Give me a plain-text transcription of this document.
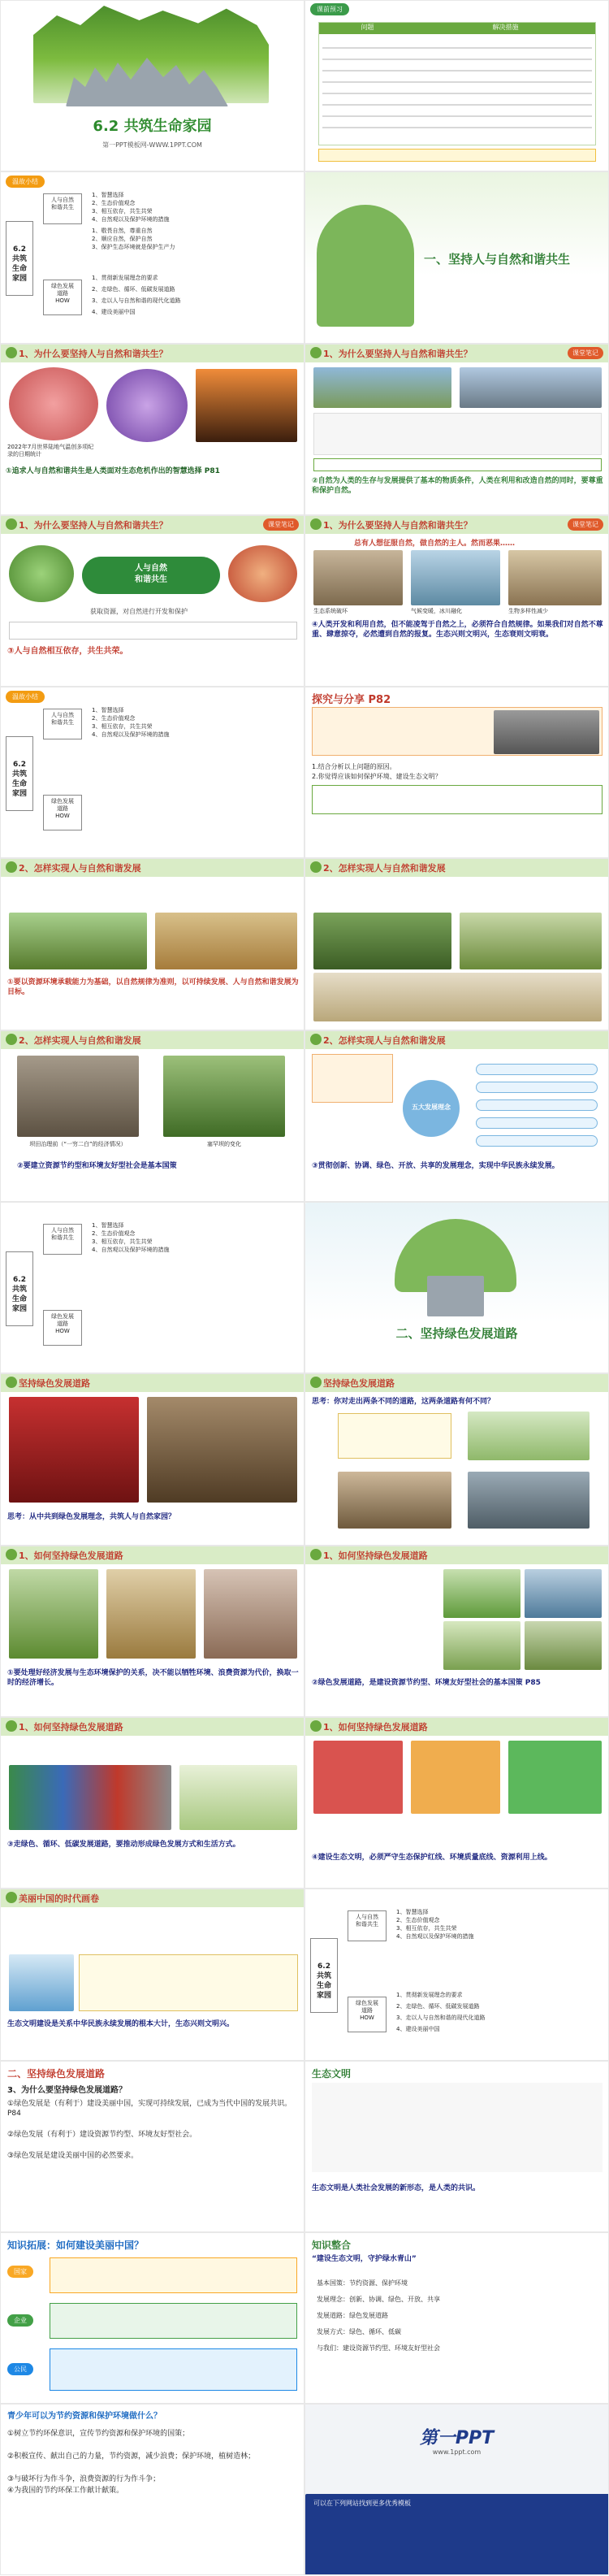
6.2 共筑生命家园
第一PPT模板网-WWW.1PPT.COM
课前预习
问题	解决措施
温故小结
6.2
共筑
生命
家园
人与自然
和谐共生
1、智慧选择
2、生态价值观念
3、相互依存，共生共荣
4、自然观以及保护环境的措施
1、敬畏自然，尊重自然
2、顺应自然，保护自然
3、保护生态环境就是保护生产力
绿色发展
道路
HOW
1、贯彻新发展理念的要求
2、走绿色、循环、低碳发展道路
3、走以人与自然和谐的现代化道路
4、建设美丽中国
一、坚持人与自然和谐共生
1、为什么要坚持人与自然和谐共生？
2022年7月世界陆地气温创多项纪录的日期统计
①追求人与自然和谐共生是人类面对生态危机作出的智慧选择 P81
1、为什么要坚持人与自然和谐共生？	课堂笔记
②自然为人类的生存与发展提供了基本的物质条件，人类在利用和改造自然的同时，要尊重和保护自然。
1、为什么要坚持人与自然和谐共生？	课堂笔记
人与自然
和谐共生
获取资源，对自然进行开发和保护
③人与自然相互依存，共生共荣。
1、为什么要坚持人与自然和谐共生？	课堂笔记
总有人想征服自然，做自然的主人。然而恶果……
生态系统破坏	气候变暖，冰川融化	生物多样性减少
④人类开发和利用自然，但不能凌驾于自然之上，必须符合自然规律。如果我们对自然不尊重、肆意掠夺，必然遭到自然的报复。生态兴则文明兴，生态衰则文明衰。
温故小结
6.2
共筑
生命
家园
人与自然
和谐共生
1、智慧选择
2、生态价值观念
3、相互依存，共生共荣
4、自然观以及保护环境的措施
绿色发展
道路
HOW
探究与分享 P82
1.结合分析以上问题的原因。
2.你觉得应该如何保护环境、建设生态文明？
2、怎样实现人与自然和谐发展
①要以资源环境承载能力为基础，以自然规律为准则，以可持续发展、人与自然和谐发展为目标。
2、怎样实现人与自然和谐发展
2、怎样实现人与自然和谐发展
坝田治理前（“一穷二白”的经济情况）	塞罕坝的变化
②要建立资源节约型和环境友好型社会是基本国策
2、怎样实现人与自然和谐发展
五大发展理念
③贯彻创新、协调、绿色、开放、共享的发展理念，实现中华民族永续发展。
6.2
共筑
生命
家园
人与自然
和谐共生
1、智慧选择
2、生态价值观念
3、相互依存，共生共荣
4、自然观以及保护环境的措施
绿色发展
道路
HOW	二、坚持绿色发展道路
坚持绿色发展道路
思考：从中共到绿色发展理念，共筑人与自然家园？
坚持绿色发展道路
思考：你对走出两条不同的道路，这两条道路有何不同？
1、如何坚持绿色发展道路
①要处理好经济发展与生态环境保护的关系，决不能以牺牲环境、浪费资源为代价，换取一时的经济增长。
1、如何坚持绿色发展道路
②绿色发展道路，是建设资源节约型、环境友好型社会的基本国策 P85
1、如何坚持绿色发展道路
③走绿色、循环、低碳发展道路，要推动形成绿色发展方式和生活方式。
1、如何坚持绿色发展道路
④建设生态文明，必须严守生态保护红线、环境质量底线、资源利用上线。
美丽中国的时代画卷
生态文明建设是关系中华民族永续发展的根本大计，生态兴则文明兴。
6.2
共筑
生命
家园
人与自然
和谐共生
1、智慧选择
2、生态价值观念
3、相互依存，共生共荣
4、自然观以及保护环境的措施
绿色发展
道路
HOW
1、贯彻新发展理念的要求
2、走绿色、循环、低碳发展道路
3、走以人与自然和谐的现代化道路
4、建设美丽中国
二、坚持绿色发展道路
3、为什么要坚持绿色发展道路？
①绿色发展是（有利于）建设美丽中国，实现可持续发展，已成为当代中国的发展共识。P84
②绿色发展（有利于）建设资源节约型、环境友好型社会。
③绿色发展是建设美丽中国的必然要求。
生态文明
生态文明是人类社会发展的新形态，是人类的共识。
知识拓展：如何建设美丽中国？
国家
企业
公民
知识整合
“建设生态文明，守护绿水青山”
基本国策：节约资源、保护环境
发展理念：创新、协调、绿色、开放、共享
发展道路：绿色发展道路
发展方式：绿色、循环、低碳
与我们：建设资源节约型、环境友好型社会
青少年可以为节约资源和保护环境做什么？
①树立节约环保意识，宣传节约资源和保护环境的国策；
②积极宣传、献出自己的力量，节约资源，减少浪费；保护环境，植树造林；
③与破坏行为作斗争，浪费资源的行为作斗争；
④为我国的节约环保工作献计献策。
第一PPT
www.1ppt.com
可以在下列网站找到更多优秀模板
